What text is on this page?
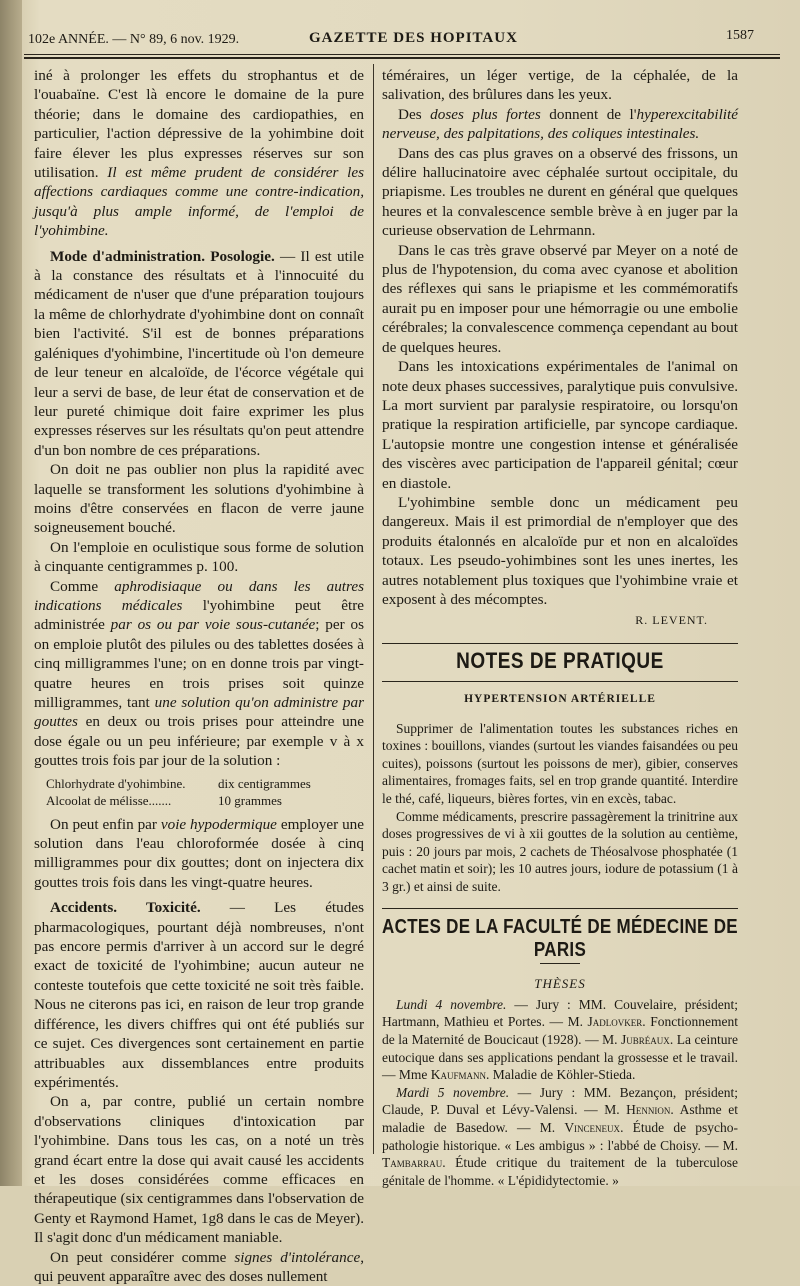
102e ANNÉE. — N° 89, 6 nov. 1929.	GAZETTE DES HOPITAUX	1587

iné à prolonger les effets du strophantus et de l'ouabaïne. C'est là encore le domaine de la pure théorie; dans le domaine des cardiopathies, en particulier, l'action dépressive de la yohimbine doit faire élever les plus expresses réserves sur son utilisation. Il est même prudent de considérer les affections cardiaques comme une contre-indication, jusqu'à plus ample informé, de l'emploi de l'yohimbine.

Mode d'administration. Posologie. — Il est utile à la constance des résultats et à l'innocuité du médicament de n'user que d'une préparation toujours la même de chlorhydrate d'yohimbine dont on connaît bien l'activité. S'il est de bonnes préparations galéniques d'yohimbine, l'incertitude où l'on demeure de leur teneur en alcaloïde, de l'écorce végétale qui leur a servi de base, de leur état de conservation et de leur pureté chimique doit faire exprimer les plus expresses réserves sur les résultats qu'on peut attendre d'un bon nombre de ces préparations.

On doit ne pas oublier non plus la rapidité avec laquelle se transforment les solutions d'yohimbine à moins d'être conservées en flacon de verre jaune soigneusement bouché.

On l'emploie en oculistique sous forme de solution à cinquante centigrammes p. 100.

Comme aphrodisiaque ou dans les autres indications médicales l'yohimbine peut être administrée par os ou par voie sous-cutanée; per os on emploie plutôt des pilules ou des tablettes dosées à cinq milligrammes l'une; on en donne trois par vingt-quatre heures en trois prises soit quinze milligrammes, tant une solution qu'on administre par gouttes en deux ou trois prises pour atteindre une dose égale ou un peu inférieure; par exemple v à x gouttes trois fois par jour de la solution :

Chlorhydrate d'yohimbine.	dix centigrammes
Alcoolat de mélisse.......	10 grammes

On peut enfin par voie hypodermique employer une solution dans l'eau chloroformée dosée à cinq milligrammes pour dix gouttes; dont on injectera dix gouttes trois fois dans les vingt-quatre heures.

Accidents. Toxicité. — Les études pharmacologiques, pourtant déjà nombreuses, n'ont pas encore permis d'arriver à un accord sur le degré exact de toxicité de l'yohimbine; aucun auteur ne conteste toutefois que cette toxicité ne soit très faible. Nous ne citerons pas ici, en raison de leur trop grande différence, les divers chiffres qui ont été publiés sur ce sujet. Ces divergences sont certainement en partie attribuables aux dissemblances entre produits expérimentés.

On a, par contre, publié un certain nombre d'observations cliniques d'intoxication par l'yohimbine. Dans tous les cas, on a noté un très grand écart entre la dose qui avait causé les accidents et les doses considérées comme efficaces en thérapeutique (six centigrammes dans l'observation de Genty et Raymond Hamet, 1g8 dans le cas de Meyer). Il s'agit donc d'un médicament maniable.

On peut considérer comme signes d'intolérance, qui peuvent apparaître avec des doses nullement

téméraires, un léger vertige, de la céphalée, de la salivation, des brûlures dans les yeux.

Des doses plus fortes donnent de l'hyperexcitabilité nerveuse, des palpitations, des coliques intestinales.

Dans des cas plus graves on a observé des frissons, un délire hallucinatoire avec céphalée surtout occipitale, du priapisme. Les troubles ne durent en général que quelques heures et la convalescence semble brève à en juger par la curieuse observation de Lehrmann.

Dans le cas très grave observé par Meyer on a noté de plus de l'hypotension, du coma avec cyanose et abolition des réflexes qui sans le priapisme et les commémoratifs aurait pu en imposer pour une hémorragie ou une embolie cérébrales; la convalescence commença cependant au bout de quelques heures.

Dans les intoxications expérimentales de l'animal on note deux phases successives, paralytique puis convulsive. La mort survient par paralysie respiratoire, ou lorsqu'on pratique la respiration artificielle, par syncope cardiaque. L'autopsie montre une congestion intense et généralisée des viscères avec participation de l'appareil génital; cœur en diastole.

L'yohimbine semble donc un médicament peu dangereux. Mais il est primordial de n'employer que des produits étalonnés en alcaloïde pur et non en alcaloïdes totaux. Les pseudo-yohimbines sont les unes inertes, les autres notablement plus toxiques que l'yohimbine vraie et exposent à des mécomptes.

R. LEVENT.
NOTES DE PRATIQUE
HYPERTENSION ARTÉRIELLE

Supprimer de l'alimentation toutes les substances riches en toxines : bouillons, viandes (surtout les viandes faisandées ou peu cuites), poissons (surtout les poissons de mer), gibier, conserves alimentaires, fromages faits, sel en trop grande quantité. Interdire le thé, café, liqueurs, bières fortes, vin en excès, tabac.

Comme médicaments, prescrire passagèrement la trinitrine aux doses progressives de vi à xii gouttes de la solution au centième, puis : 20 jours par mois, 2 cachets de Théosalvose phosphatée (1 cachet matin et soir); les 10 autres jours, iodure de potassium (1 à 3 gr.) et ainsi de suite.

ACTES DE LA FACULTÉ DE MÉDECINE DE PARIS
THÈSES

Lundi 4 novembre. — Jury : MM. Couvelaire, président; Hartmann, Mathieu et Portes. — M. Jadlovker. Fonctionnement de la Maternité de Boucicaut (1928). — M. Jubréaux. La ceinture eutocique dans ses applications pendant la grossesse et le travail. — Mme Kaufmann. Maladie de Köhler-Stieda.

Mardi 5 novembre. — Jury : MM. Bezançon, président; Claude, P. Duval et Lévy-Valensi. — M. Hennion. Asthme et maladie de Basedow. — M. Vinceneux. Étude de psycho-pathologie historique. « Les ambigus » : l'abbé de Choisy. — M. Tambarrau. Étude critique du traitement de la tuberculose génitale de l'homme. « L'épididytectomie. »
